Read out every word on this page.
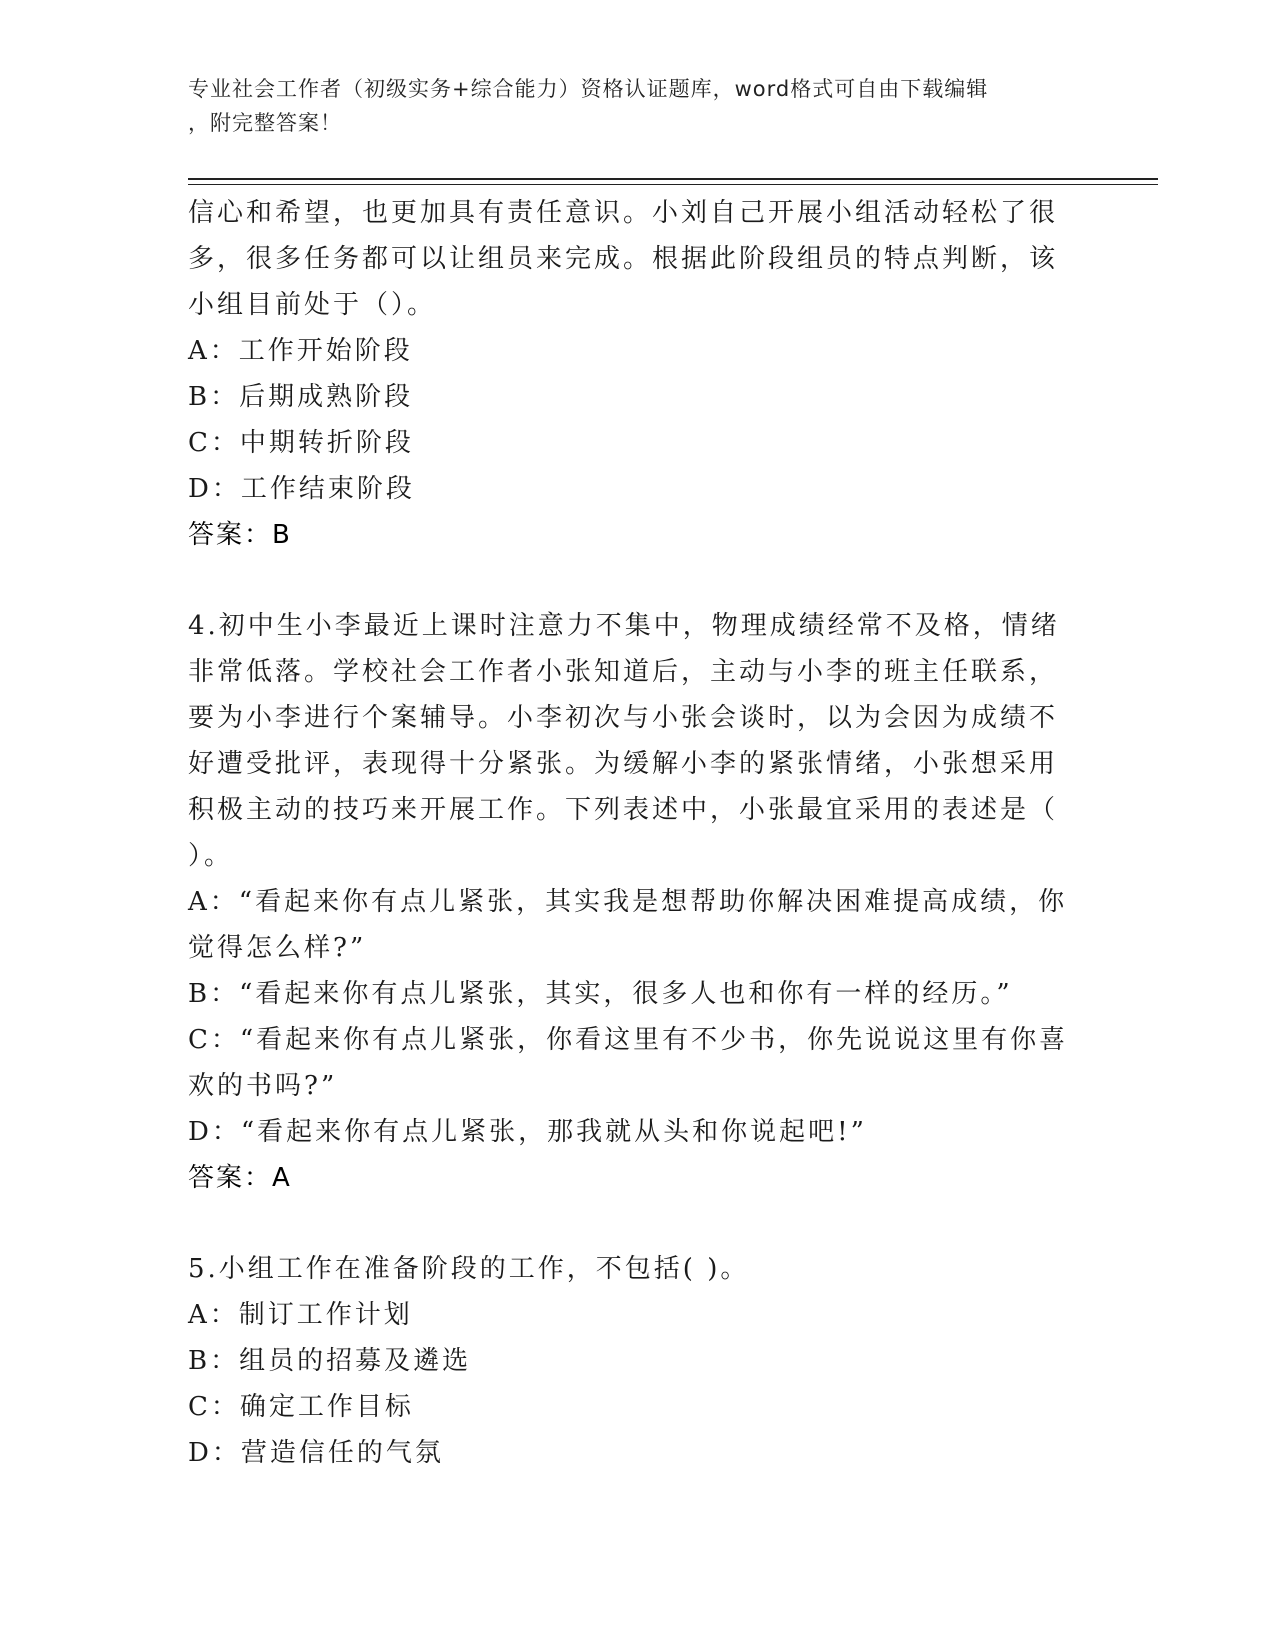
专业社会工作者（初级实务+综合能力）资格认证题库，word格式可自由下载编辑
，附完整答案！
信心和希望，也更加具有责任意识。小刘自己开展小组活动轻松了很
多，很多任务都可以让组员来完成。根据此阶段组员的特点判断，该
小组目前处于（）。
A：工作开始阶段
B：后期成熟阶段
C：中期转折阶段
D：工作结束阶段
答案：B
4.初中生小李最近上课时注意力不集中，物理成绩经常不及格，情绪
非常低落。学校社会工作者小张知道后，主动与小李的班主任联系，
要为小李进行个案辅导。小李初次与小张会谈时，以为会因为成绩不
好遭受批评，表现得十分紧张。为缓解小李的紧张情绪，小张想采用
积极主动的技巧来开展工作。下列表述中，小张最宜采用的表述是（
）。
A：“看起来你有点儿紧张，其实我是想帮助你解决困难提高成绩，你
觉得怎么样?”
B：“看起来你有点儿紧张，其实，很多人也和你有一样的经历。”
C：“看起来你有点儿紧张，你看这里有不少书，你先说说这里有你喜
欢的书吗?”
D：“看起来你有点儿紧张，那我就从头和你说起吧!”
答案：A
5.小组工作在准备阶段的工作，不包括( )。
A：制订工作计划
B：组员的招募及遴选
C：确定工作目标
D：营造信任的气氛
